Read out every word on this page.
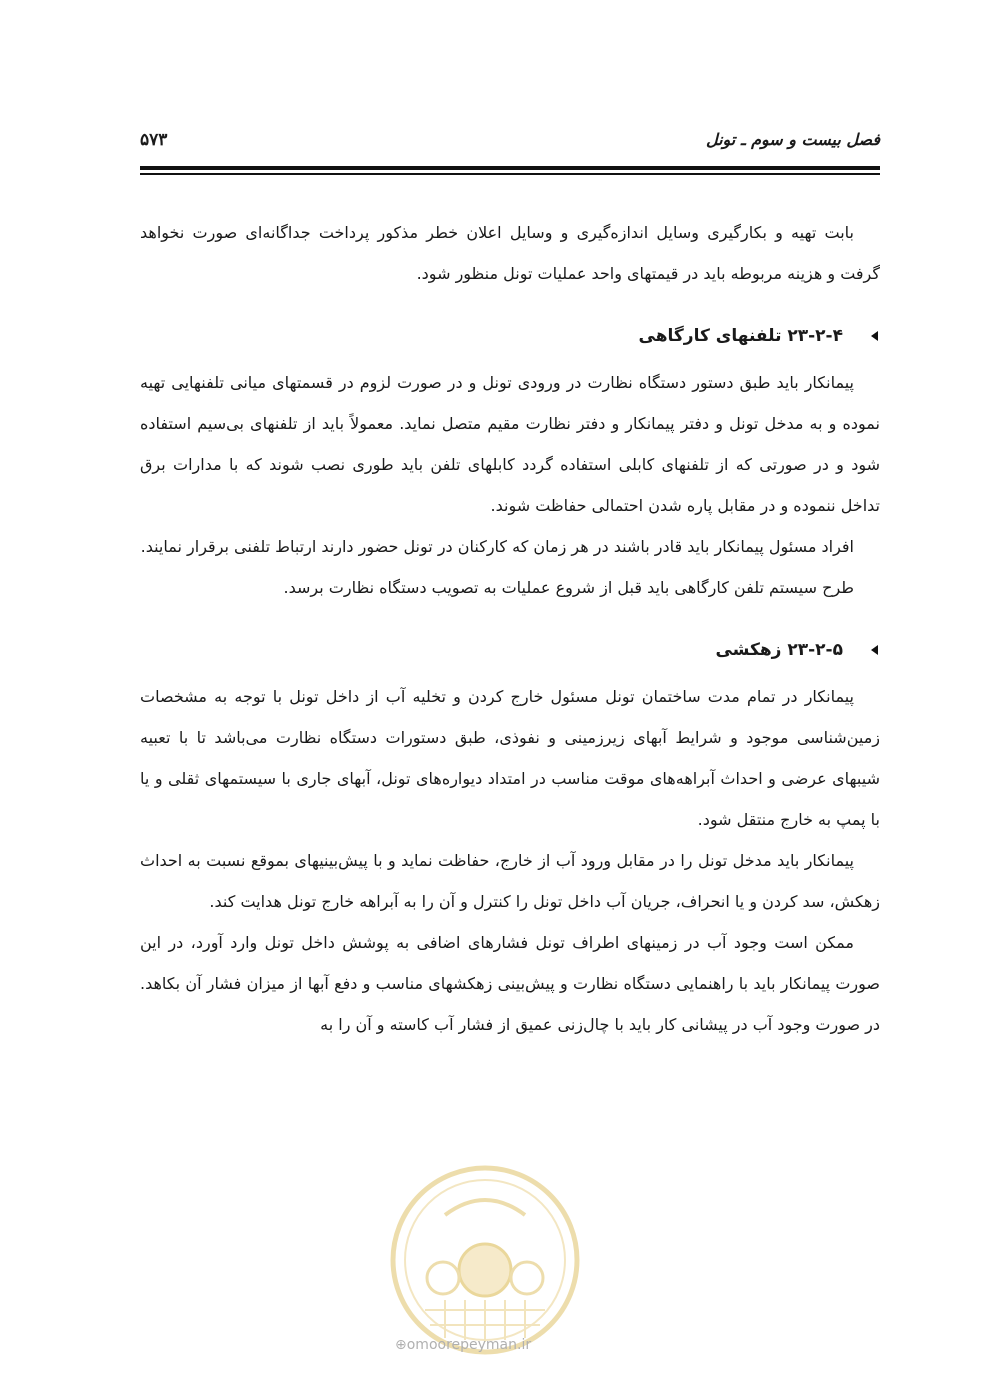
فصل بیست و سوم ـ تونل
۵۷۳

بابت تهیه و بکارگیری وسایل اندازه‌گیری و وسایل اعلان خطر مذکور پرداخت جداگانه‌ای صورت نخواهد گرفت و هزینه مربوطه باید در قیمتهای واحد عملیات تونل منظور شود.

۲۳-۲-۴ تلفنهای کارگاهی

پیمانکار باید طبق دستور دستگاه نظارت در ورودی تونل و در صورت لزوم در قسمتهای میانی تلفنهایی تهیه نموده و به مدخل تونل و دفتر پیمانکار و دفتر نظارت مقیم متصل نماید. معمولاً باید از تلفنهای بی‌سیم استفاده شود و در صورتی که از تلفنهای کابلی استفاده گردد کابلهای تلفن باید طوری نصب شوند که با مدارات برق تداخل ننموده و در مقابل پاره شدن احتمالی حفاظت شوند.

افراد مسئول پیمانکار باید قادر باشند در هر زمان که کارکنان در تونل حضور دارند ارتباط تلفنی برقرار نمایند.

طرح سیستم تلفن کارگاهی باید قبل از شروع عملیات به تصویب دستگاه نظارت برسد.

۲۳-۲-۵ زهکشی

پیمانکار در تمام مدت ساختمان تونل مسئول خارج کردن و تخلیه آب از داخل تونل با توجه به مشخصات زمین‌شناسی موجود و شرایط آبهای زیرزمینی و نفوذی، طبق دستورات دستگاه نظارت می‌باشد تا با تعبیه شیبهای عرضی و احداث آبراهه‌های موقت مناسب در امتداد دیواره‌های تونل، آبهای جاری با سیستمهای ثقلی و یا با پمپ به خارج منتقل شود.

پیمانکار باید مدخل تونل را در مقابل ورود آب از خارج، حفاظت نماید و با پیش‌بینیهای بموقع نسبت به احداث زهکش، سد کردن و یا انحراف، جریان آب داخل تونل را کنترل و آن را به آبراهه خارج تونل هدایت کند.

ممکن است وجود آب در زمینهای اطراف تونل فشارهای اضافی به پوشش داخل تونل وارد آورد، در این صورت پیمانکار باید با راهنمایی دستگاه نظارت و پیش‌بینی زهکشهای مناسب و دفع آبها از میزان فشار آن بکاهد. در صورت وجود آب در پیشانی کار باید با چال‌زنی عمیق از فشار آب کاسته و آن را به

⊕omoorepeyman.ir
